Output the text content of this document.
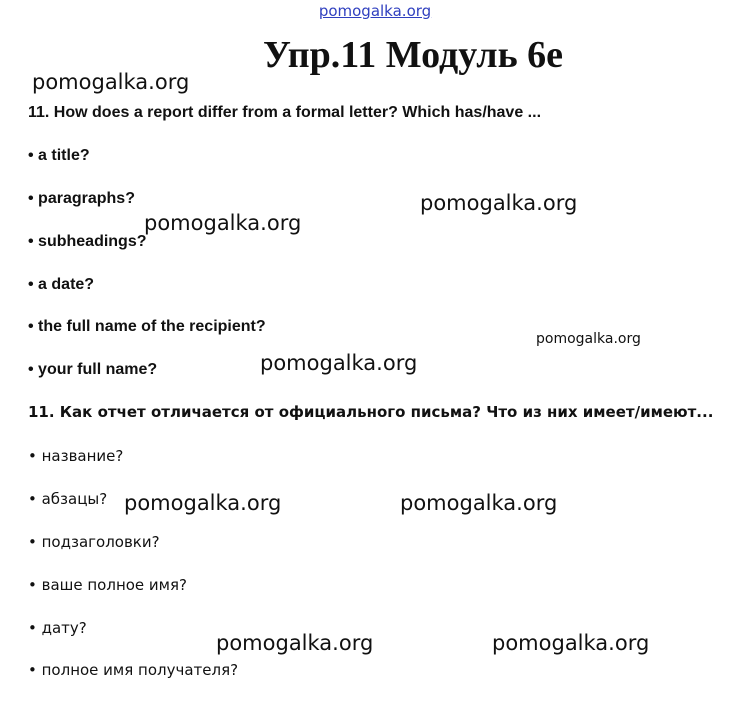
pomogalka.org
Упр.11 Модуль 6е
pomogalka.org
11. How does a report differ from a formal letter? Which has/have ...
• a title?
• paragraphs?
• subheadings?
• a date?
• the full name of the recipient?
• your full name?
pomogalka.org
pomogalka.org
pomogalka.org
pomogalka.org
11. Как отчет отличается от официального письма? Что из них имеет/имеют...
• название?
• абзацы?
• подзаголовки?
• ваше полное имя?
• дату?
• полное имя получателя?
pomogalka.org	pomogalka.org
pomogalka.org	pomogalka.org
